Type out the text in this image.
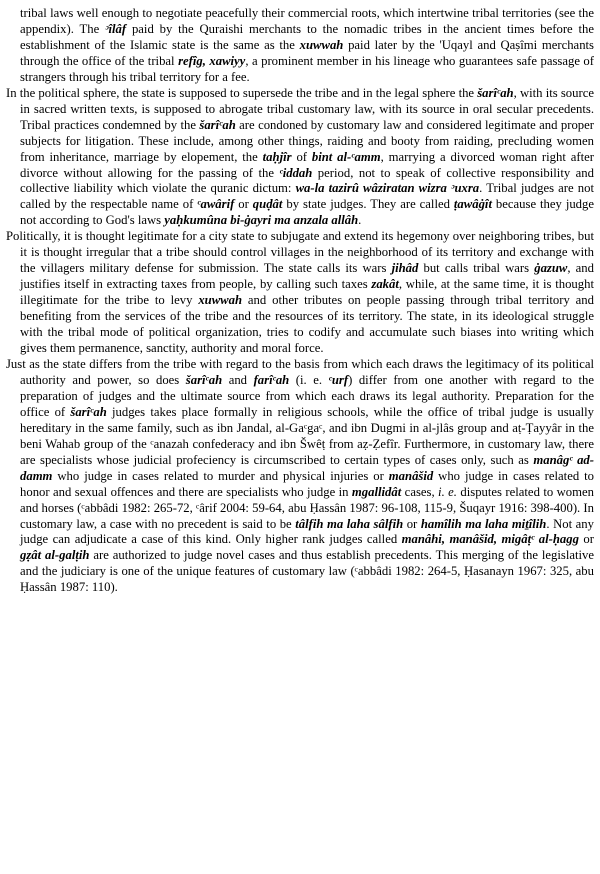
tribal laws well enough to negotiate peacefully their commercial roots, which intertwine tribal territories (see the appendix). The ᵓîlâf paid by the Quraishi merchants to the nomadic tribes in the ancient times before the establishment of the Islamic state is the same as the xuwwah paid later by the 'Uqayl and Qaṣîmi merchants through the office of the tribal refîg, xawiyy, a prominent member in his lineage who guarantees safe passage of strangers through his tribal territory for a fee.

In the political sphere, the state is supposed to supersede the tribe and in the legal sphere the šarîᶜah, with its source in sacred written texts, is supposed to abrogate tribal customary law, with its source in oral secular precedents. Tribal practices condemned by the šarîᶜah are condoned by customary law and considered legitimate and proper subjects for litigation. These include, among other things, raiding and booty from raiding, precluding women from inheritance, marriage by elopement, the taḥjîr of bint al-ᶜamm, marrying a divorced woman right after divorce without allowing for the passing of the ᶜiddah period, not to speak of collective responsibility and collective liability which violate the quranic dictum: wa-la tazirû wâziratan wizra ᵓuxra. Tribal judges are not called by the respectable name of ᶜawârif or quḍât by state judges. They are called ṭawâġît because they judge not according to God's laws yaḥkumûna bi-ġayri ma anzala allâh.

Politically, it is thought legitimate for a city state to subjugate and extend its hegemony over neighboring tribes, but it is thought irregular that a tribe should control villages in the neighborhood of its territory and exchange with the villagers military defense for submission. The state calls its wars jihâd but calls tribal wars ġazuw, and justifies itself in extracting taxes from people, by calling such taxes zakât, while, at the same time, it is thought illegitimate for the tribe to levy xuwwah and other tributes on people passing through tribal territory and benefiting from the services of the tribe and the resources of its territory. The state, in its ideological struggle with the tribal mode of political organization, tries to codify and accumulate such biases into writing which gives them permanence, sanctity, authority and moral force.

Just as the state differs from the tribe with regard to the basis from which each draws the legitimacy of its political authority and power, so does šarîᶜah and farîᶜah (i. e. ᶜurf) differ from one another with regard to the preparation of judges and the ultimate source from which each draws its legal authority. Preparation for the office of šarîᶜah judges takes place formally in religious schools, while the office of tribal judge is usually hereditary in the same family, such as ibn Jandal, al-Gaᶜgaᶜ, and ibn Dugmi in al-jlâs group and aṭ-Ṭayyâr in the beni Wahab group of the ᶜanazah confederacy and ibn Šwêṭ from aẓ-Ẓefîr. Furthermore, in customary law, there are specialists whose judicial profeciency is circumscribed to certain types of cases only, such as manâgᶜ ad-damm who judge in cases related to murder and physical injuries or manâšid who judge in cases related to honor and sexual offences and there are specialists who judge in mgallidât cases, i. e. disputes related to women and horses (ᶜabbâdi 1982: 265-72, ᶜârif 2004: 59-64, abu Ḥassân 1987: 96-108, 115-9, Šuqayr 1916: 398-400). In customary law, a case with no precedent is said to be tâlfih ma laha sâlfih or hamîlih ma laha miṯîlih. Not any judge can adjudicate a case of this kind. Only higher rank judges called manâhi, manâšid, migâṭᶜ al-ḥagg or gẓât al-galṭih are authorized to judge novel cases and thus establish precedents. This merging of the legislative and the judiciary is one of the unique features of customary law (ᶜabbâdi 1982: 264-5, Ḥasanayn 1967: 325, abu Ḥassân 1987: 110).
